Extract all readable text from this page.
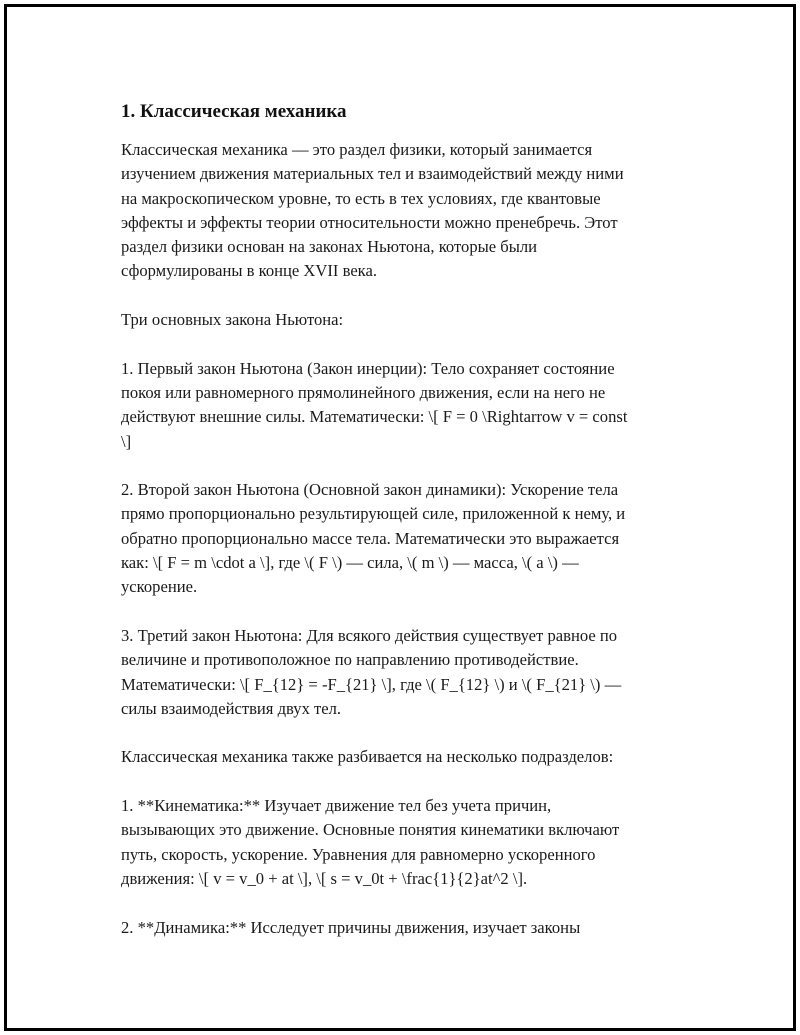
1. Классическая механика
Классическая механика — это раздел физики, который занимается
изучением движения материальных тел и взаимодействий между ними
на макроскопическом уровне, то есть в тех условиях, где квантовые
эффекты и эффекты теории относительности можно пренебречь. Этот
раздел физики основан на законах Ньютона, которые были
сформулированы в конце XVII века.
Три основных закона Ньютона:
1. Первый закон Ньютона (Закон инерции): Тело сохраняет состояние
покоя или равномерного прямолинейного движения, если на него не
действуют внешние силы. Математически: \[ F = 0 \Rightarrow v = const
\]
2. Второй закон Ньютона (Основной закон динамики): Ускорение тела
прямо пропорционально результирующей силе, приложенной к нему, и
обратно пропорционально массе тела. Математически это выражается
как: \[ F = m \cdot a \], где \( F \) — сила, \( m \) — масса, \( a \) —
ускорение.
3. Третий закон Ньютона: Для всякого действия существует равное по
величине и противоположное по направлению противодействие.
Математически: \[ F_{12} = -F_{21} \], где \( F_{12} \) и \( F_{21} \) —
силы взаимодействия двух тел.
Классическая механика также разбивается на несколько подразделов:
1. **Кинематика:** Изучает движение тел без учета причин,
вызывающих это движение. Основные понятия кинематики включают
путь, скорость, ускорение. Уравнения для равномерно ускоренного
движения: \[ v = v_0 + at \], \[ s = v_0t + \frac{1}{2}at^2 \].
2. **Динамика:** Исследует причины движения, изучает законы
